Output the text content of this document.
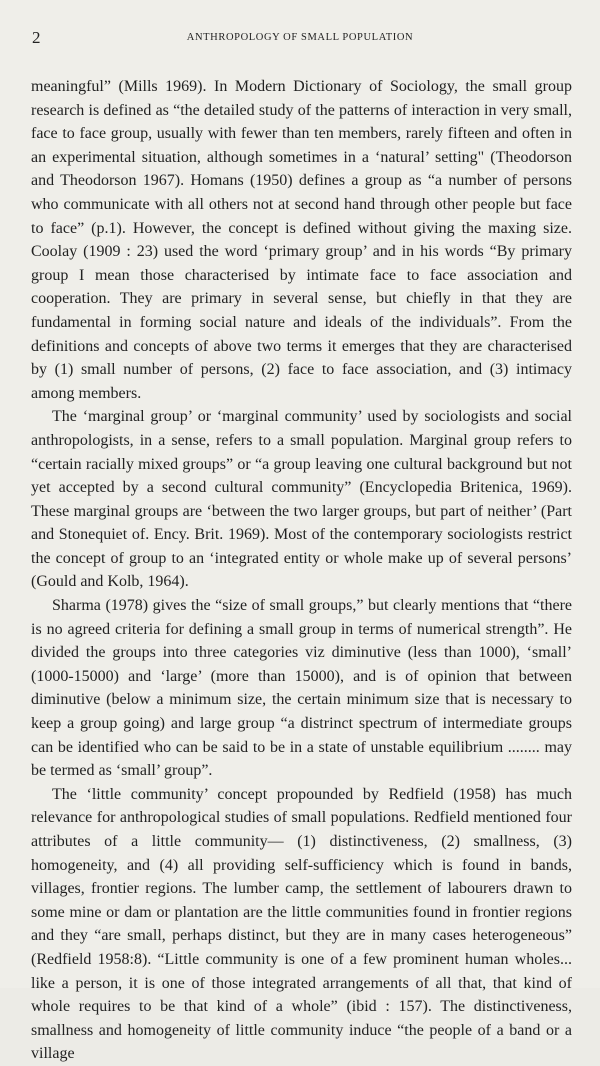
2	ANTHROPOLOGY OF SMALL POPULATION

meaningful” (Mills 1969). In Modern Dictionary of Sociology, the small group research is defined as “the detailed study of the patterns of interaction in very small, face to face group, usually with fewer than ten members, rarely fifteen and often in an experimental situation, although sometimes in a ‘natural’ setting" (Theodorson and Theodorson 1967). Homans (1950) defines a group as “a number of persons who communicate with all others not at second hand through other people but face to face” (p.1). However, the concept is defined without giving the maxing size. Coolay (1909 : 23) used the word ‘primary group’ and in his words “By primary group I mean those characterised by intimate face to face association and cooperation. They are primary in several sense, but chiefly in that they are fundamental in forming social nature and ideals of the individuals”. From the definitions and concepts of above two terms it emerges that they are characterised by (1) small number of persons, (2) face to face association, and (3) intimacy among members.

The ‘marginal group’ or ‘marginal community’ used by sociologists and social anthropologists, in a sense, refers to a small population. Marginal group refers to “certain racially mixed groups” or “a group leaving one cultural background but not yet accepted by a second cultural community” (Encyclopedia Britenica, 1969). These marginal groups are ‘between the two larger groups, but part of neither’ (Part and Stonequiet of. Ency. Brit. 1969). Most of the contemporary sociologists restrict the concept of group to an ‘integrated entity or whole make up of several persons’ (Gould and Kolb, 1964).

Sharma (1978) gives the “size of small groups,” but clearly mentions that “there is no agreed criteria for defining a small group in terms of numerical strength”. He divided the groups into three categories viz diminutive (less than 1000), ‘small’ (1000-15000) and ‘large’ (more than 15000), and is of opinion that between diminutive (below a minimum size, the certain minimum size that is necessary to keep a group going) and large group “a distrinct spectrum of intermediate groups can be identified who can be said to be in a state of unstable equilibrium ........ may be termed as ‘small’ group”.

The ‘little community’ concept propounded by Redfield (1958) has much relevance for anthropological studies of small populations. Redfield mentioned four attributes of a little community— (1) distinctiveness, (2) smallness, (3) homogeneity, and (4) all providing self-sufficiency which is found in bands, villages, frontier regions. The lumber camp, the settlement of labourers drawn to some mine or dam or plantation are the little communities found in frontier regions and they “are small, perhaps distinct, but they are in many cases heterogeneous” (Redfield 1958:8). “Little community is one of a few prominent human wholes... like a person, it is one of those integrated arrangements of all that, that kind of whole requires to be that kind of a whole” (ibid : 157). The distinctiveness, smallness and homogeneity of little community induce “the people of a band or a village
